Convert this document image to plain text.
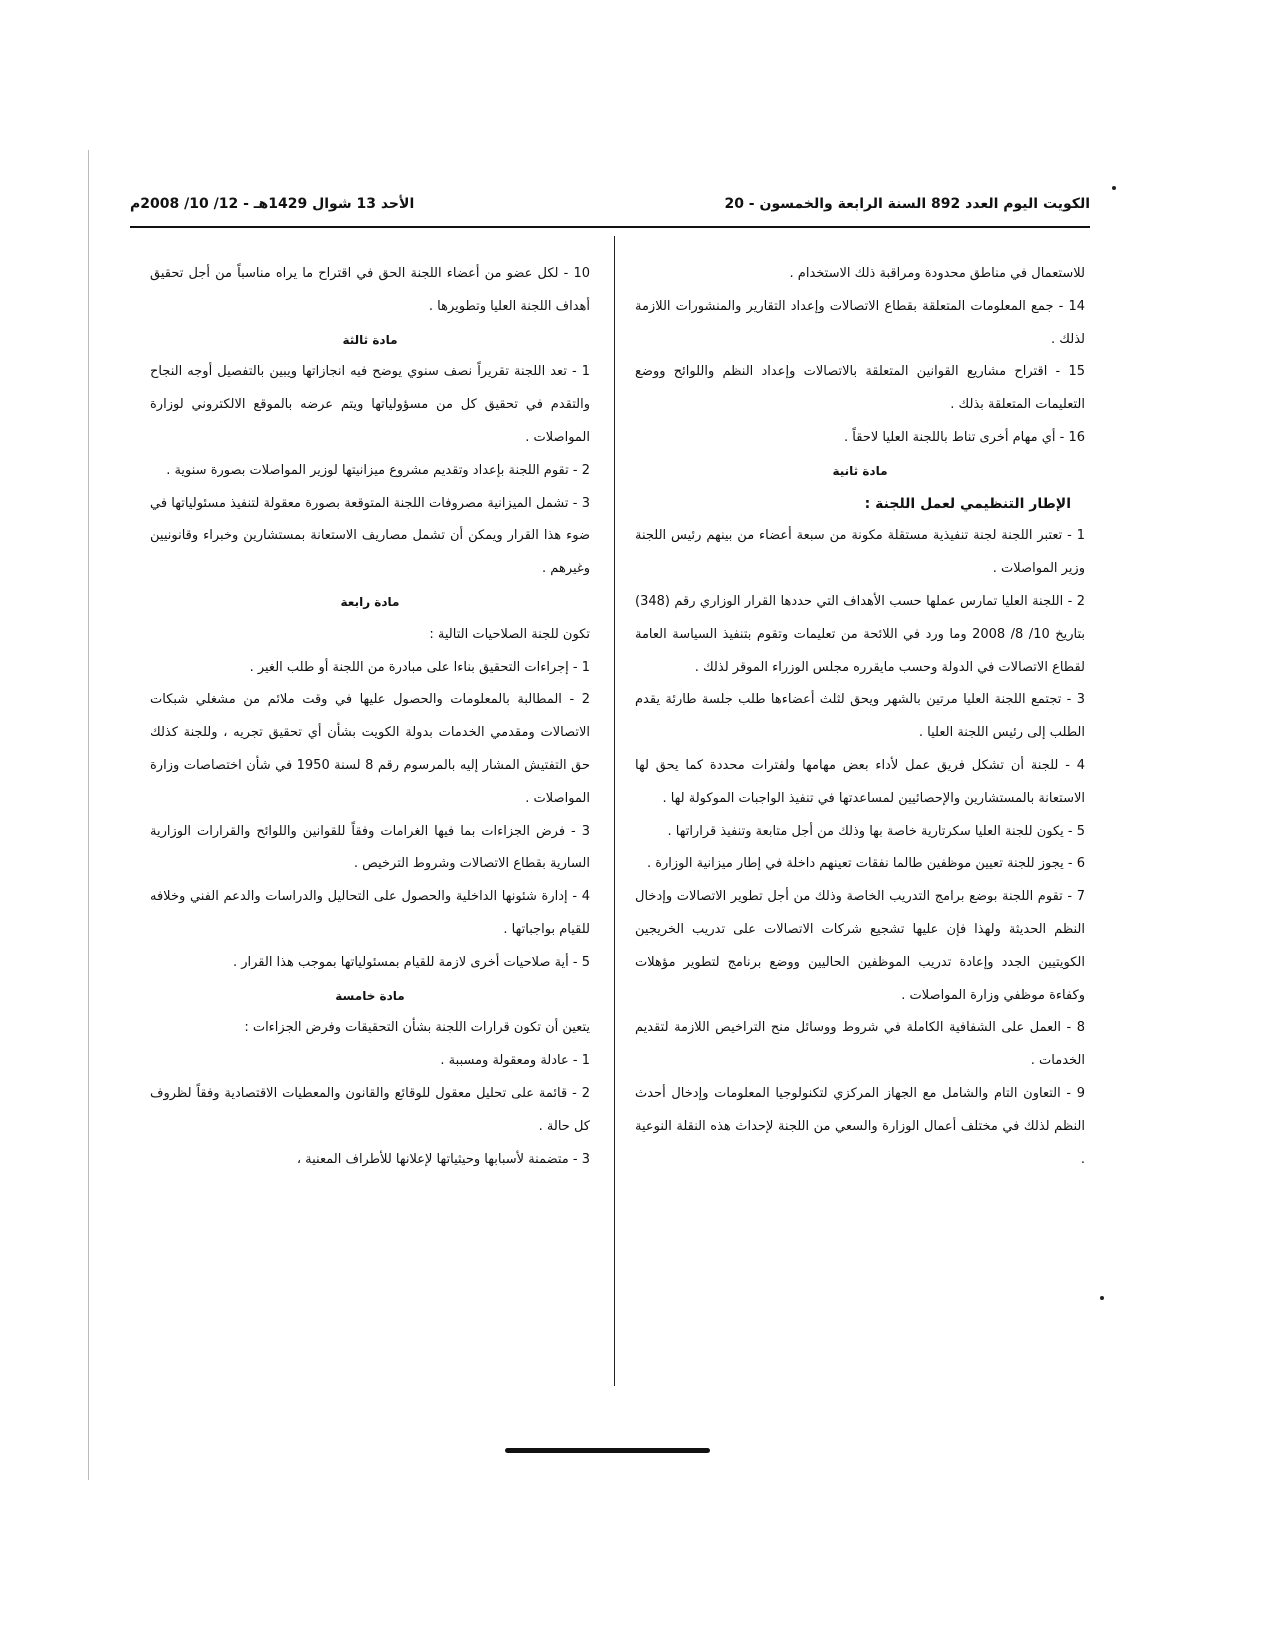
الكويت اليوم العدد 892 السنة الرابعة والخمسون - 20
الأحد 13 شوال 1429هـ - 12/ 10/ 2008م

للاستعمال في مناطق محدودة ومراقبة ذلك الاستخدام .

14 - جمع المعلومات المتعلقة بقطاع الاتصالات وإعداد التقارير والمنشورات اللازمة لذلك .

15 - اقتراح مشاريع القوانين المتعلقة بالاتصالات وإعداد النظم واللوائح ووضع التعليمات المتعلقة بذلك .

16 - أي مهام أخرى تناط باللجنة العليا لاحقاً .

مادة ثانية

الإطار التنظيمي لعمل اللجنة :

1 - تعتبر اللجنة لجنة تنفيذية مستقلة مكونة من سبعة أعضاء من بينهم رئيس اللجنة وزير المواصلات .

2 - اللجنة العليا تمارس عملها حسب الأهداف التي حددها القرار الوزاري رقم (348) بتاريخ 10/ 8/ 2008 وما ورد في اللائحة من تعليمات وتقوم بتنفيذ السياسة العامة لقطاع الاتصالات في الدولة وحسب مايقرره مجلس الوزراء الموقر لذلك .

3 - تجتمع اللجنة العليا مرتين بالشهر ويحق لثلث أعضاءها طلب جلسة طارئة يقدم الطلب إلى رئيس اللجنة العليا .

4 - للجنة أن تشكل فريق عمل لأداء بعض مهامها ولفترات محددة كما يحق لها الاستعانة بالمستشارين والإحصائيين لمساعدتها في تنفيذ الواجبات الموكولة لها .

5 - يكون للجنة العليا سكرتارية خاصة بها وذلك من أجل متابعة وتنفيذ قراراتها .

6 - يجوز للجنة تعيين موظفين طالما نفقات تعينهم داخلة في إطار ميزانية الوزارة .

7 - تقوم اللجنة بوضع برامج التدريب الخاصة وذلك من أجل تطوير الاتصالات وإدخال النظم الحديثة ولهذا فإن عليها تشجيع شركات الاتصالات على تدريب الخريجين الكويتيين الجدد وإعادة تدريب الموظفين الحاليين ووضع برنامج لتطوير مؤهلات وكفاءة موظفي وزارة المواصلات .

8 - العمل على الشفافية الكاملة في شروط ووسائل منح التراخيص اللازمة لتقديم الخدمات .

9 - التعاون التام والشامل مع الجهاز المركزي لتكنولوجيا المعلومات وإدخال أحدث النظم لذلك في مختلف أعمال الوزارة والسعي من اللجنة لإحداث هذه النقلة النوعية .

10 - لكل عضو من أعضاء اللجنة الحق في اقتراح ما يراه مناسباً من أجل تحقيق أهداف اللجنة العليا وتطويرها .

مادة ثالثة

1 - تعد اللجنة تقريراً نصف سنوي يوضح فيه انجازاتها ويبين بالتفصيل أوجه النجاح والتقدم في تحقيق كل من مسؤولياتها ويتم عرضه بالموقع الالكتروني لوزارة المواصلات .

2 - تقوم اللجنة بإعداد وتقديم مشروع ميزانيتها لوزير المواصلات بصورة سنوية .

3 - تشمل الميزانية مصروفات اللجنة المتوقعة بصورة معقولة لتنفيذ مسئولياتها في ضوء هذا القرار ويمكن أن تشمل مصاريف الاستعانة بمستشارين وخبراء وقانونيين وغيرهم .

مادة رابعة

تكون للجنة الصلاحيات التالية :

1 - إجراءات التحقيق بناءا على مبادرة من اللجنة أو طلب الغير .

2 - المطالبة بالمعلومات والحصول عليها في وقت ملائم من مشغلي شبكات الاتصالات ومقدمي الخدمات بدولة الكويت بشأن أي تحقيق تجريه ، وللجنة كذلك حق التفتيش المشار إليه بالمرسوم رقم 8 لسنة 1950 في شأن اختصاصات وزارة المواصلات .

3 - فرض الجزاءات بما فيها الغرامات وفقاً للقوانين واللوائح والقرارات الوزارية السارية بقطاع الاتصالات وشروط الترخيص .

4 - إدارة شئونها الداخلية والحصول على التحاليل والدراسات والدعم الفني وخلافه للقيام بواجباتها .

5 - أية صلاحيات أخرى لازمة للقيام بمسئولياتها بموجب هذا القرار .

مادة خامسة

يتعين أن تكون قرارات اللجنة بشأن التحقيقات وفرض الجزاءات :

1 - عادلة ومعقولة ومسببة .

2 - قائمة على تحليل معقول للوقائع والقانون والمعطيات الاقتصادية وفقاً لظروف كل حالة .

3 - متضمنة لأسبابها وحيثياتها لإعلانها للأطراف المعنية ،
